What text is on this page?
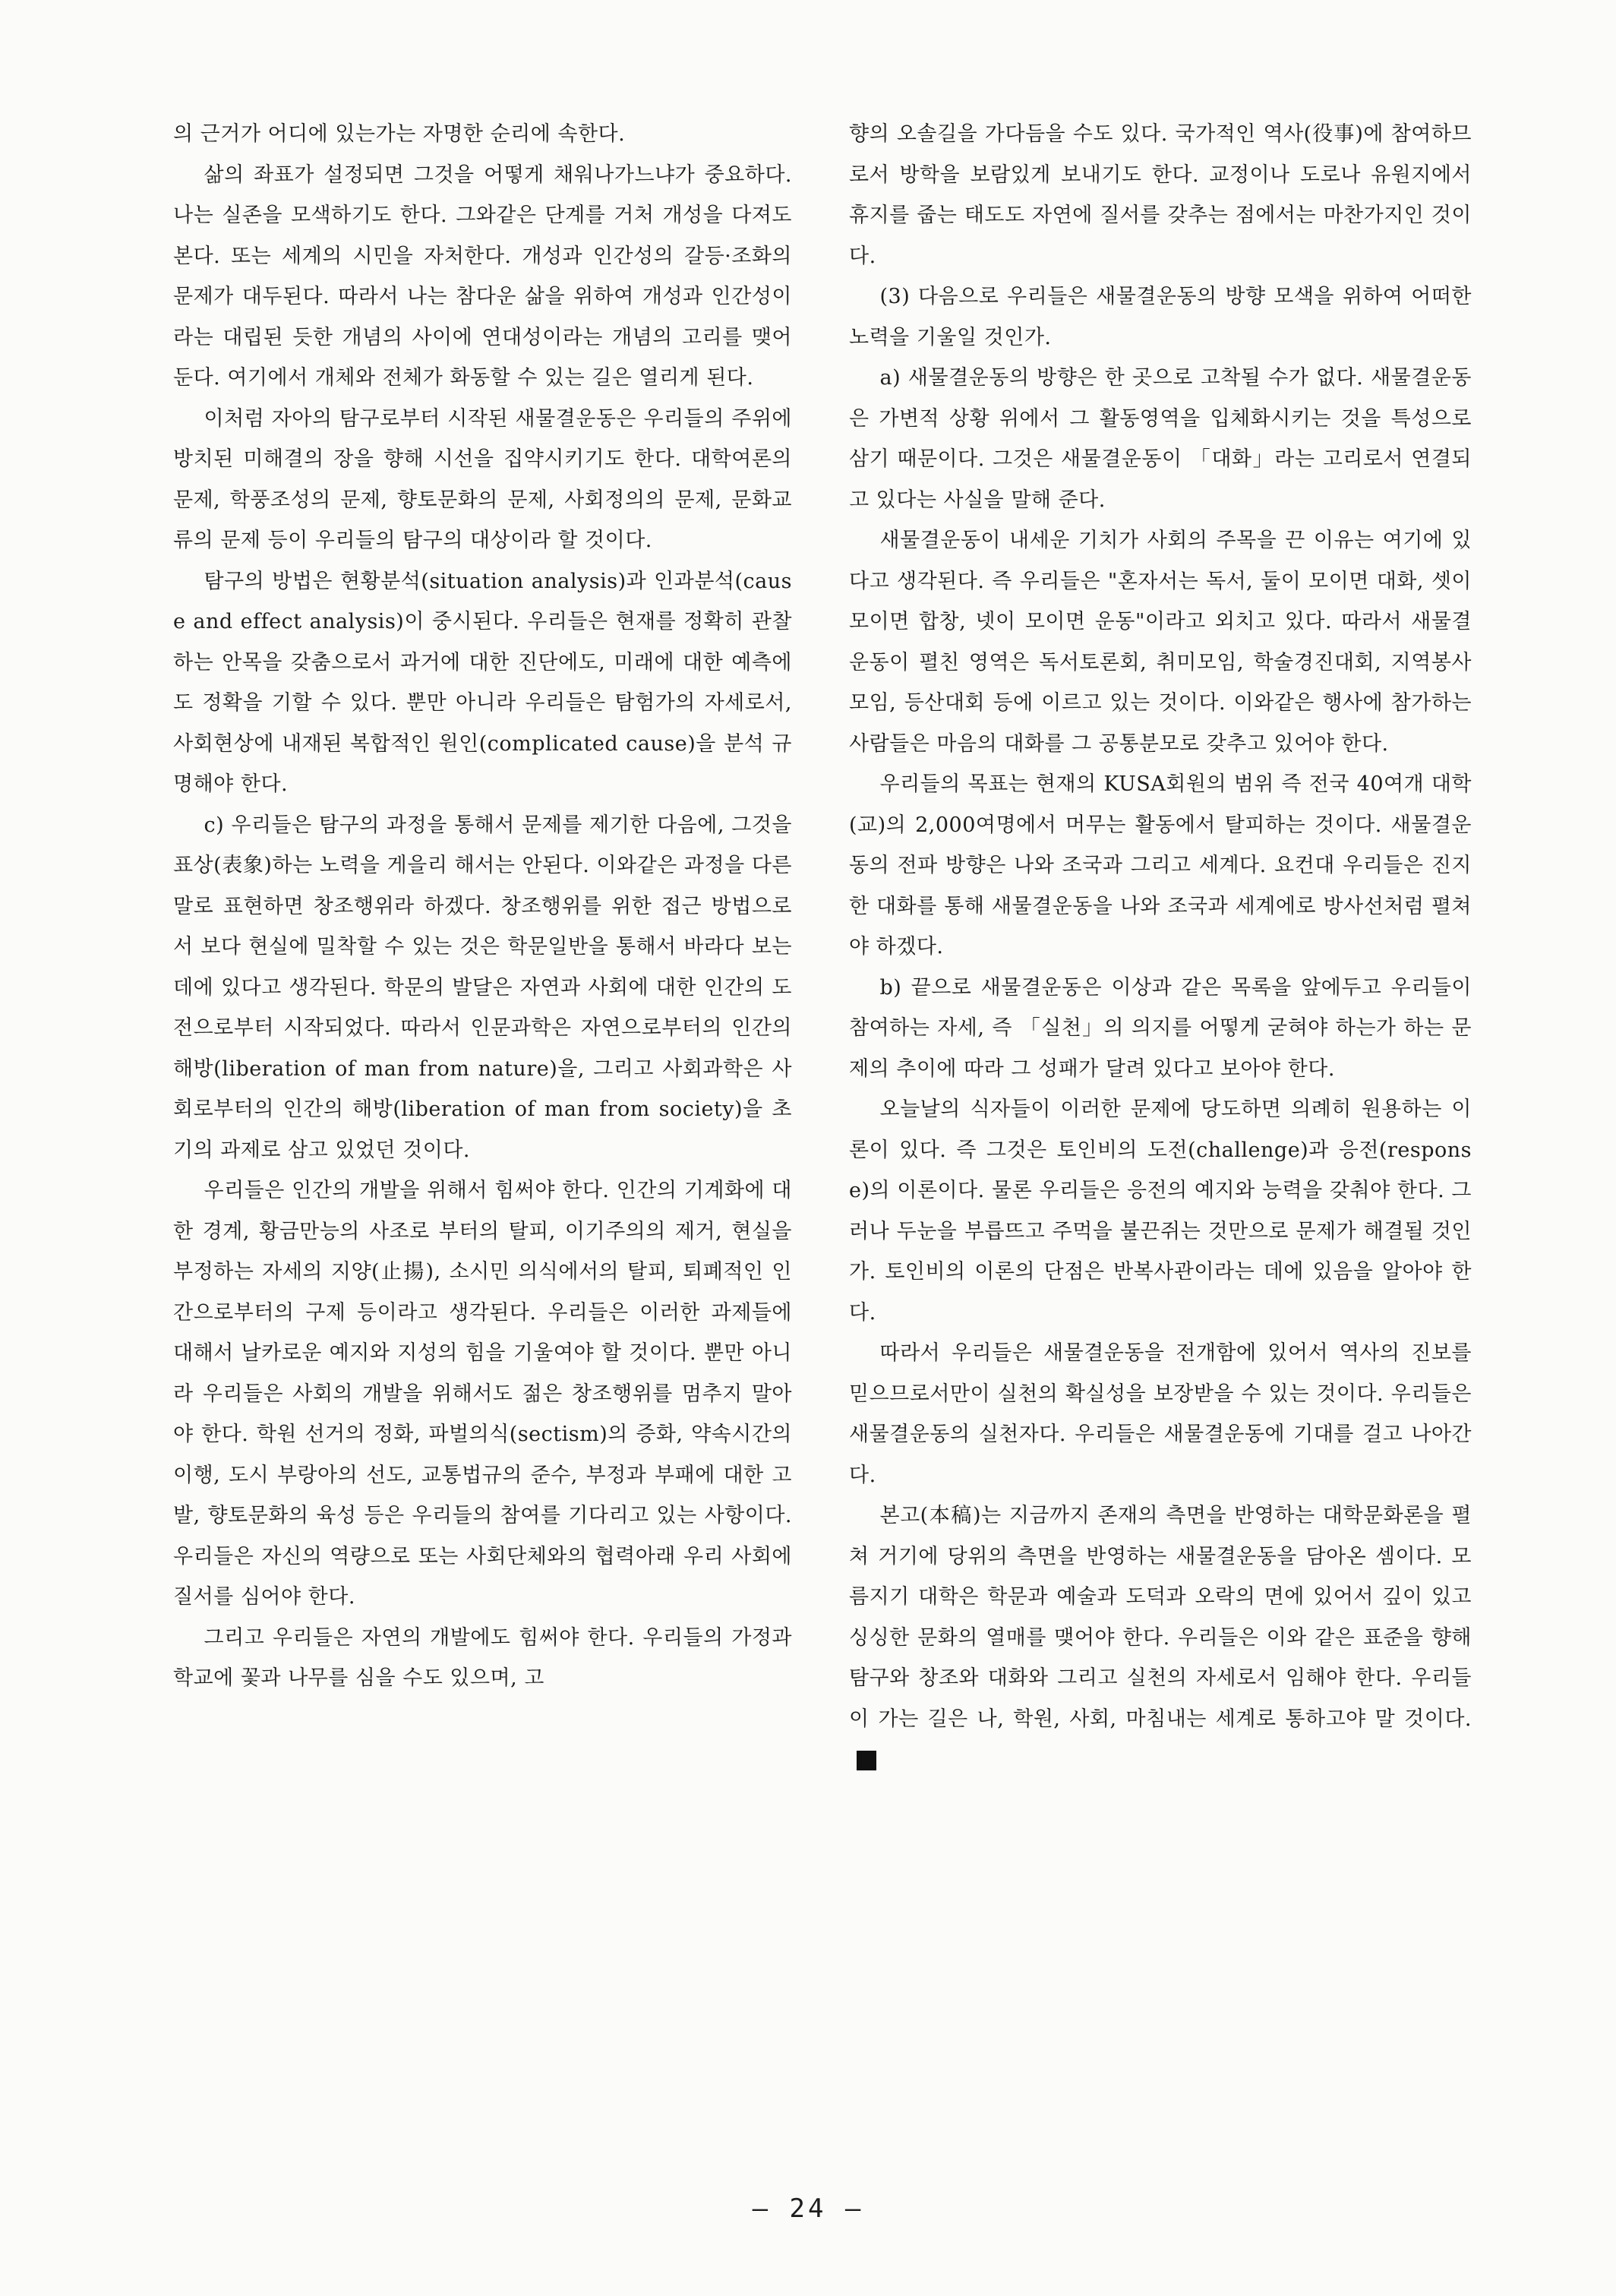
의 근거가 어디에 있는가는 자명한 순리에 속한다.

삶의 좌표가 설정되면 그것을 어떻게 채워나가느냐가 중요하다. 나는 실존을 모색하기도 한다. 그와같은 단계를 거처 개성을 다져도 본다. 또는 세계의 시민을 자처한다. 개성과 인간성의 갈등·조화의 문제가 대두된다. 따라서 나는 참다운 삶을 위하여 개성과 인간성이라는 대립된 듯한 개념의 사이에 연대성이라는 개념의 고리를 맺어 둔다. 여기에서 개체와 전체가 화동할 수 있는 길은 열리게 된다.

이처럼 자아의 탐구로부터 시작된 새물결운동은 우리들의 주위에 방치된 미해결의 장을 향해 시선을 집약시키기도 한다. 대학여론의 문제, 학풍조성의 문제, 향토문화의 문제, 사회정의의 문제, 문화교류의 문제 등이 우리들의 탐구의 대상이라 할 것이다.

탐구의 방법은 현황분석(situation analysis)과 인과분석(cause and effect analysis)이 중시된다. 우리들은 현재를 정확히 관찰하는 안목을 갖춤으로서 과거에 대한 진단에도, 미래에 대한 예측에도 정확을 기할 수 있다. 뿐만 아니라 우리들은 탐험가의 자세로서, 사회현상에 내재된 복합적인 원인(complicated cause)을 분석 규명해야 한다.

c) 우리들은 탐구의 과정을 통해서 문제를 제기한 다음에, 그것을 표상(表象)하는 노력을 게을리 해서는 안된다. 이와같은 과정을 다른 말로 표현하면 창조행위라 하겠다. 창조행위를 위한 접근 방법으로서 보다 현실에 밀착할 수 있는 것은 학문일반을 통해서 바라다 보는 데에 있다고 생각된다. 학문의 발달은 자연과 사회에 대한 인간의 도전으로부터 시작되었다. 따라서 인문과학은 자연으로부터의 인간의 해방(liberation of man from nature)을, 그리고 사회과학은 사회로부터의 인간의 해방(liberation of man from society)을 초기의 과제로 삼고 있었던 것이다.

우리들은 인간의 개발을 위해서 힘써야 한다. 인간의 기계화에 대한 경계, 황금만능의 사조로 부터의 탈피, 이기주의의 제거, 현실을 부정하는 자세의 지양(止揚), 소시민 의식에서의 탈피, 퇴폐적인 인간으로부터의 구제 등이라고 생각된다. 우리들은 이러한 과제들에 대해서 날카로운 예지와 지성의 힘을 기울여야 할 것이다. 뿐만 아니라 우리들은 사회의 개발을 위해서도 젊은 창조행위를 멈추지 말아야 한다. 학원 선거의 정화, 파벌의식(sectism)의 증화, 약속시간의 이행, 도시 부랑아의 선도, 교통법규의 준수, 부정과 부패에 대한 고발, 향토문화의 육성 등은 우리들의 참여를 기다리고 있는 사항이다. 우리들은 자신의 역량으로 또는 사회단체와의 협력아래 우리 사회에 질서를 심어야 한다.

그리고 우리들은 자연의 개발에도 힘써야 한다. 우리들의 가정과 학교에 꽃과 나무를 심을 수도 있으며, 고

향의 오솔길을 가다듬을 수도 있다. 국가적인 역사(役事)에 참여하므로서 방학을 보람있게 보내기도 한다. 교정이나 도로나 유원지에서 휴지를 줍는 태도도 자연에 질서를 갖추는 점에서는 마찬가지인 것이다.

(3) 다음으로 우리들은 새물결운동의 방향 모색을 위하여 어떠한 노력을 기울일 것인가.

a) 새물결운동의 방향은 한 곳으로 고착될 수가 없다. 새물결운동은 가변적 상황 위에서 그 활동영역을 입체화시키는 것을 특성으로 삼기 때문이다. 그것은 새물결운동이 「대화」라는 고리로서 연결되고 있다는 사실을 말해 준다.

새물결운동이 내세운 기치가 사회의 주목을 끈 이유는 여기에 있다고 생각된다. 즉 우리들은 "혼자서는 독서, 둘이 모이면 대화, 셋이 모이면 합창, 넷이 모이면 운동"이라고 외치고 있다. 따라서 새물결운동이 펼친 영역은 독서토론회, 취미모임, 학술경진대회, 지역봉사모임, 등산대회 등에 이르고 있는 것이다. 이와같은 행사에 참가하는 사람들은 마음의 대화를 그 공통분모로 갖추고 있어야 한다.

우리들의 목표는 현재의 KUSA회원의 범위 즉 전국 40여개 대학(교)의 2,000여명에서 머무는 활동에서 탈피하는 것이다. 새물결운동의 전파 방향은 나와 조국과 그리고 세계다. 요컨대 우리들은 진지한 대화를 통해 새물결운동을 나와 조국과 세계에로 방사선처럼 펼쳐야 하겠다.

b) 끝으로 새물결운동은 이상과 같은 목록을 앞에두고 우리들이 참여하는 자세, 즉 「실천」의 의지를 어떻게 굳혀야 하는가 하는 문제의 추이에 따라 그 성패가 달려 있다고 보아야 한다.

오늘날의 식자들이 이러한 문제에 당도하면 의례히 원용하는 이론이 있다. 즉 그것은 토인비의 도전(challenge)과 응전(response)의 이론이다. 물론 우리들은 응전의 예지와 능력을 갖춰야 한다. 그러나 두눈을 부릅뜨고 주먹을 불끈쥐는 것만으로 문제가 해결될 것인가. 토인비의 이론의 단점은 반복사관이라는 데에 있음을 알아야 한다.

따라서 우리들은 새물결운동을 전개함에 있어서 역사의 진보를 믿으므로서만이 실천의 확실성을 보장받을 수 있는 것이다. 우리들은 새물결운동의 실천자다. 우리들은 새물결운동에 기대를 걸고 나아간다.

본고(本稿)는 지금까지 존재의 측면을 반영하는 대학문화론을 펼쳐 거기에 당위의 측면을 반영하는 새물결운동을 담아온 셈이다. 모름지기 대학은 학문과 예술과 도덕과 오락의 면에 있어서 깊이 있고 싱싱한 문화의 열매를 맺어야 한다. 우리들은 이와 같은 표준을 향해 탐구와 창조와 대화와 그리고 실천의 자세로서 임해야 한다. 우리들이 가는 길은 나, 학원, 사회, 마침내는 세계로 통하고야 말 것이다.

— 24 —
